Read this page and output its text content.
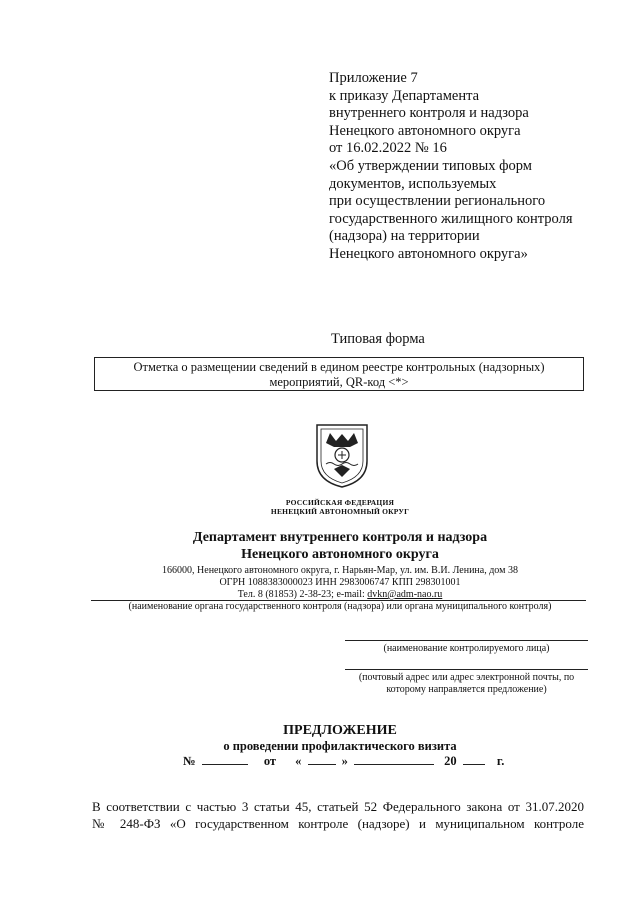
Приложение 7
к приказу Департамента
внутреннего контроля и надзора
Ненецкого автономного округа
от 16.02.2022 № 16
«Об утверждении типовых форм
документов, используемых
при осуществлении регионального
государственного жилищного контроля
(надзора) на территории
Ненецкого автономного округа»
Типовая форма
Отметка о размещении сведений в едином реестре контрольных (надзорных)
мероприятий, QR-код <*>
РОССИЙСКАЯ ФЕДЕРАЦИЯ
НЕНЕЦКИЙ АВТОНОМНЫЙ ОКРУГ
Департамент внутреннего контроля и надзора
Ненецкого автономного округа
166000, Ненецкого автономного округа, г. Нарьян-Мар, ул. им. В.И. Ленина, дом 38
ОГРН 1088383000023 ИНН 2983006747 КПП 298301001
Тел. 8 (81853) 2-38-23; e-mail: dvkn@adm-nao.ru
(наименование органа государственного контроля (надзора) или органа муниципального контроля)
(наименование контролируемого лица)
(почтовый адрес или адрес электронной почты, по
которому направляется предложение)
ПРЕДЛОЖЕНИЕ
о проведении профилактического визита
№	от «	»	20	г.
В соответствии с частью 3 статьи 45, статьей 52 Федерального закона от 31.07.2020
№ 248-ФЗ «О государственном контроле (надзоре) и муниципальном контроле
